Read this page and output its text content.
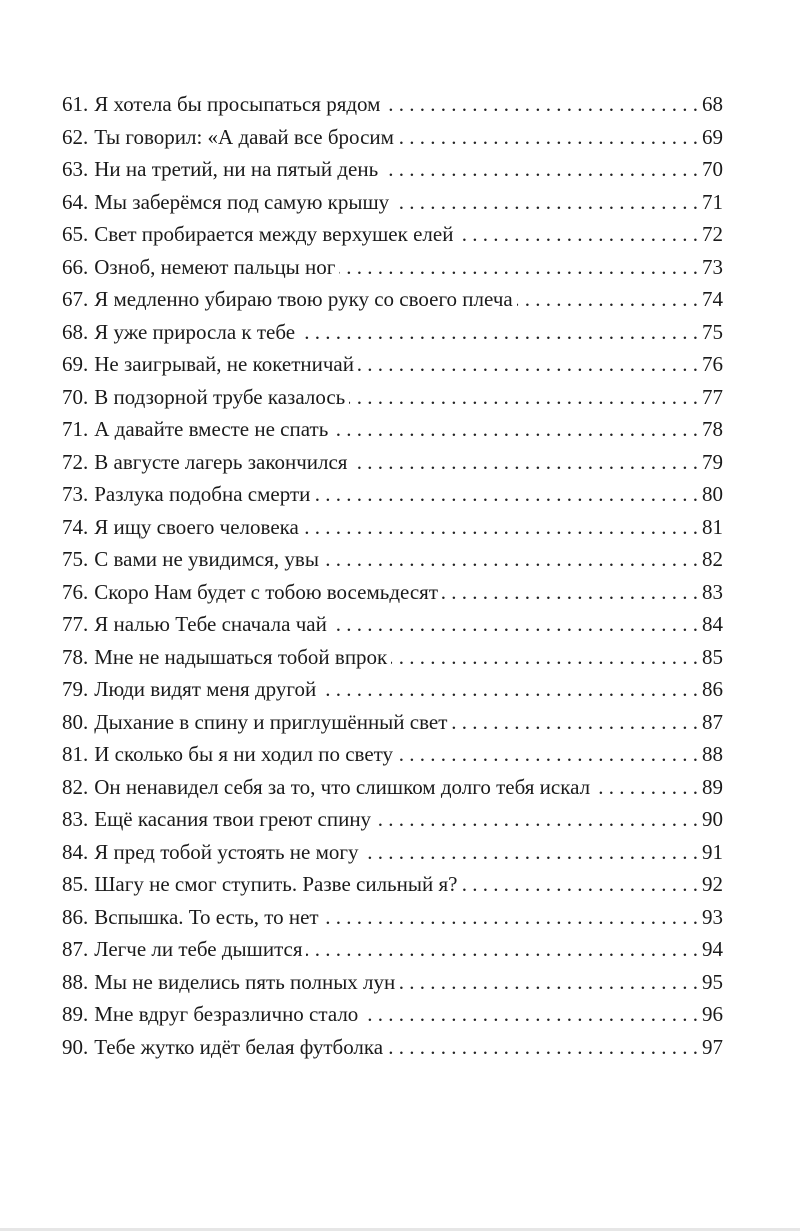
61. Я хотела бы просыпаться рядом . . .	68
62. Ты говорил: «А давай все бросим . . .	69
63. Ни на третий, ни на пятый день . . .	70
64. Мы заберёмся под самую крышу . . .	71
65. Свет пробирается между верхушек елей . . .	72
66. Озноб, немеют пальцы ног . . .	73
67. Я медленно убираю твою руку со своего плеча . . .	74
68. Я уже приросла к тебе . . .	75
69. Не заигрывай, не кокетничай . . .	76
70. В подзорной трубе казалось . . .	77
71. А давайте вместе не спать . . .	78
72. В августе лагерь закончился . . .	79
73. Разлука подобна смерти . . .	80
74. Я ищу своего человека . . .	81
75. С вами не увидимся, увы . . .	82
76. Скоро Нам будет с тобою восемьдесят . . .	83
77. Я налью Тебе сначала чай . . .	84
78. Мне не надышаться тобой впрок . . .	85
79. Люди видят меня другой . . .	86
80. Дыхание в спину и приглушённый свет . . .	87
81. И сколько бы я ни ходил по свету . . .	88
82. Он ненавидел себя за то, что слишком долго тебя искал . . .	89
83. Ещё касания твои греют спину . . .	90
84. Я пред тобой устоять не могу . . .	91
85. Шагу не смог ступить. Разве сильный я? . . .	92
86. Вспышка. То есть, то нет . . .	93
87. Легче ли тебе дышится . . .	94
88. Мы не виделись пять полных лун . . .	95
89. Мне вдруг безразлично стало . . .	96
90. Тебе жутко идёт белая футболка . . .	97
